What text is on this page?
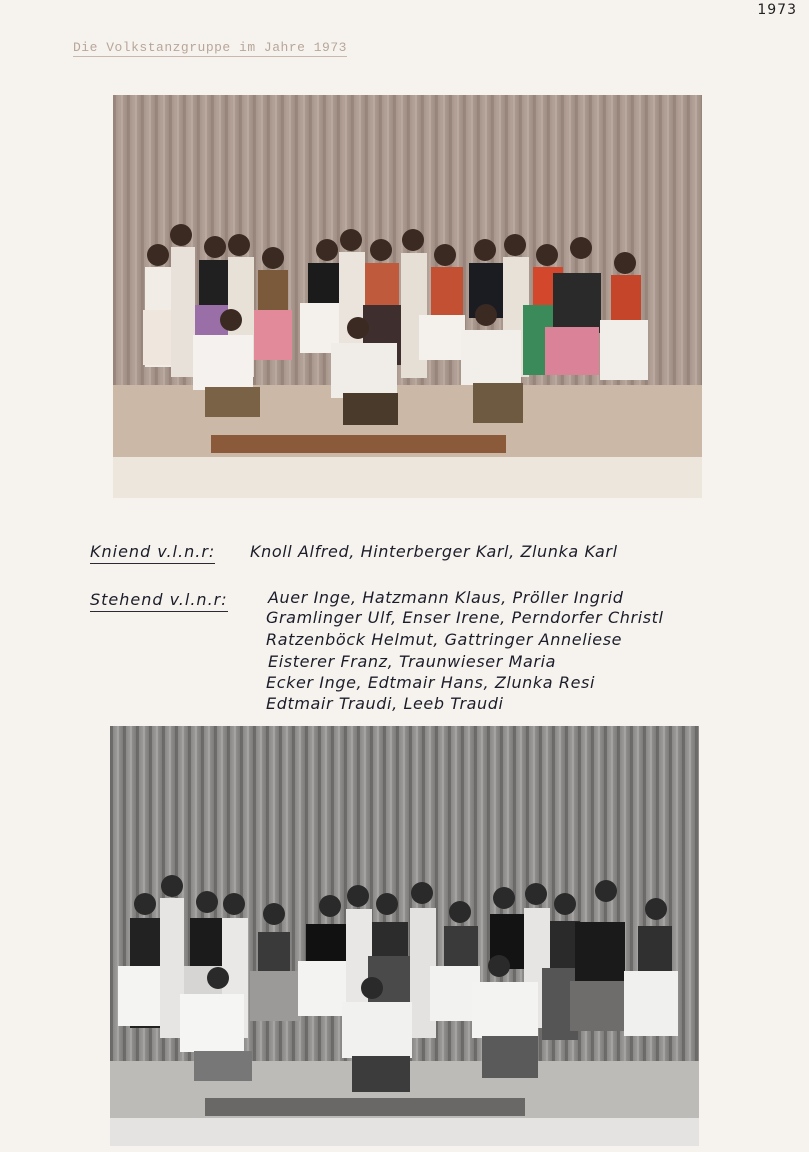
1973
Die Volkstanzgruppe im Jahre 1973
Kniend v.l.n.r: Knoll Alfred, Hinterberger Karl, Zlunka Karl
Stehend v.l.n.r:	Auer Inge, Hatzmann Klaus, Pröller Ingrid
Gramlinger Ulf, Enser Irene, Perndorfer Christl
Ratzenböck Helmut, Gattringer Anneliese
Eisterer Franz, Traunwieser Maria
Ecker Inge, Edtmair Hans, Zlunka Resi
Edtmair Traudi, Leeb Traudi
